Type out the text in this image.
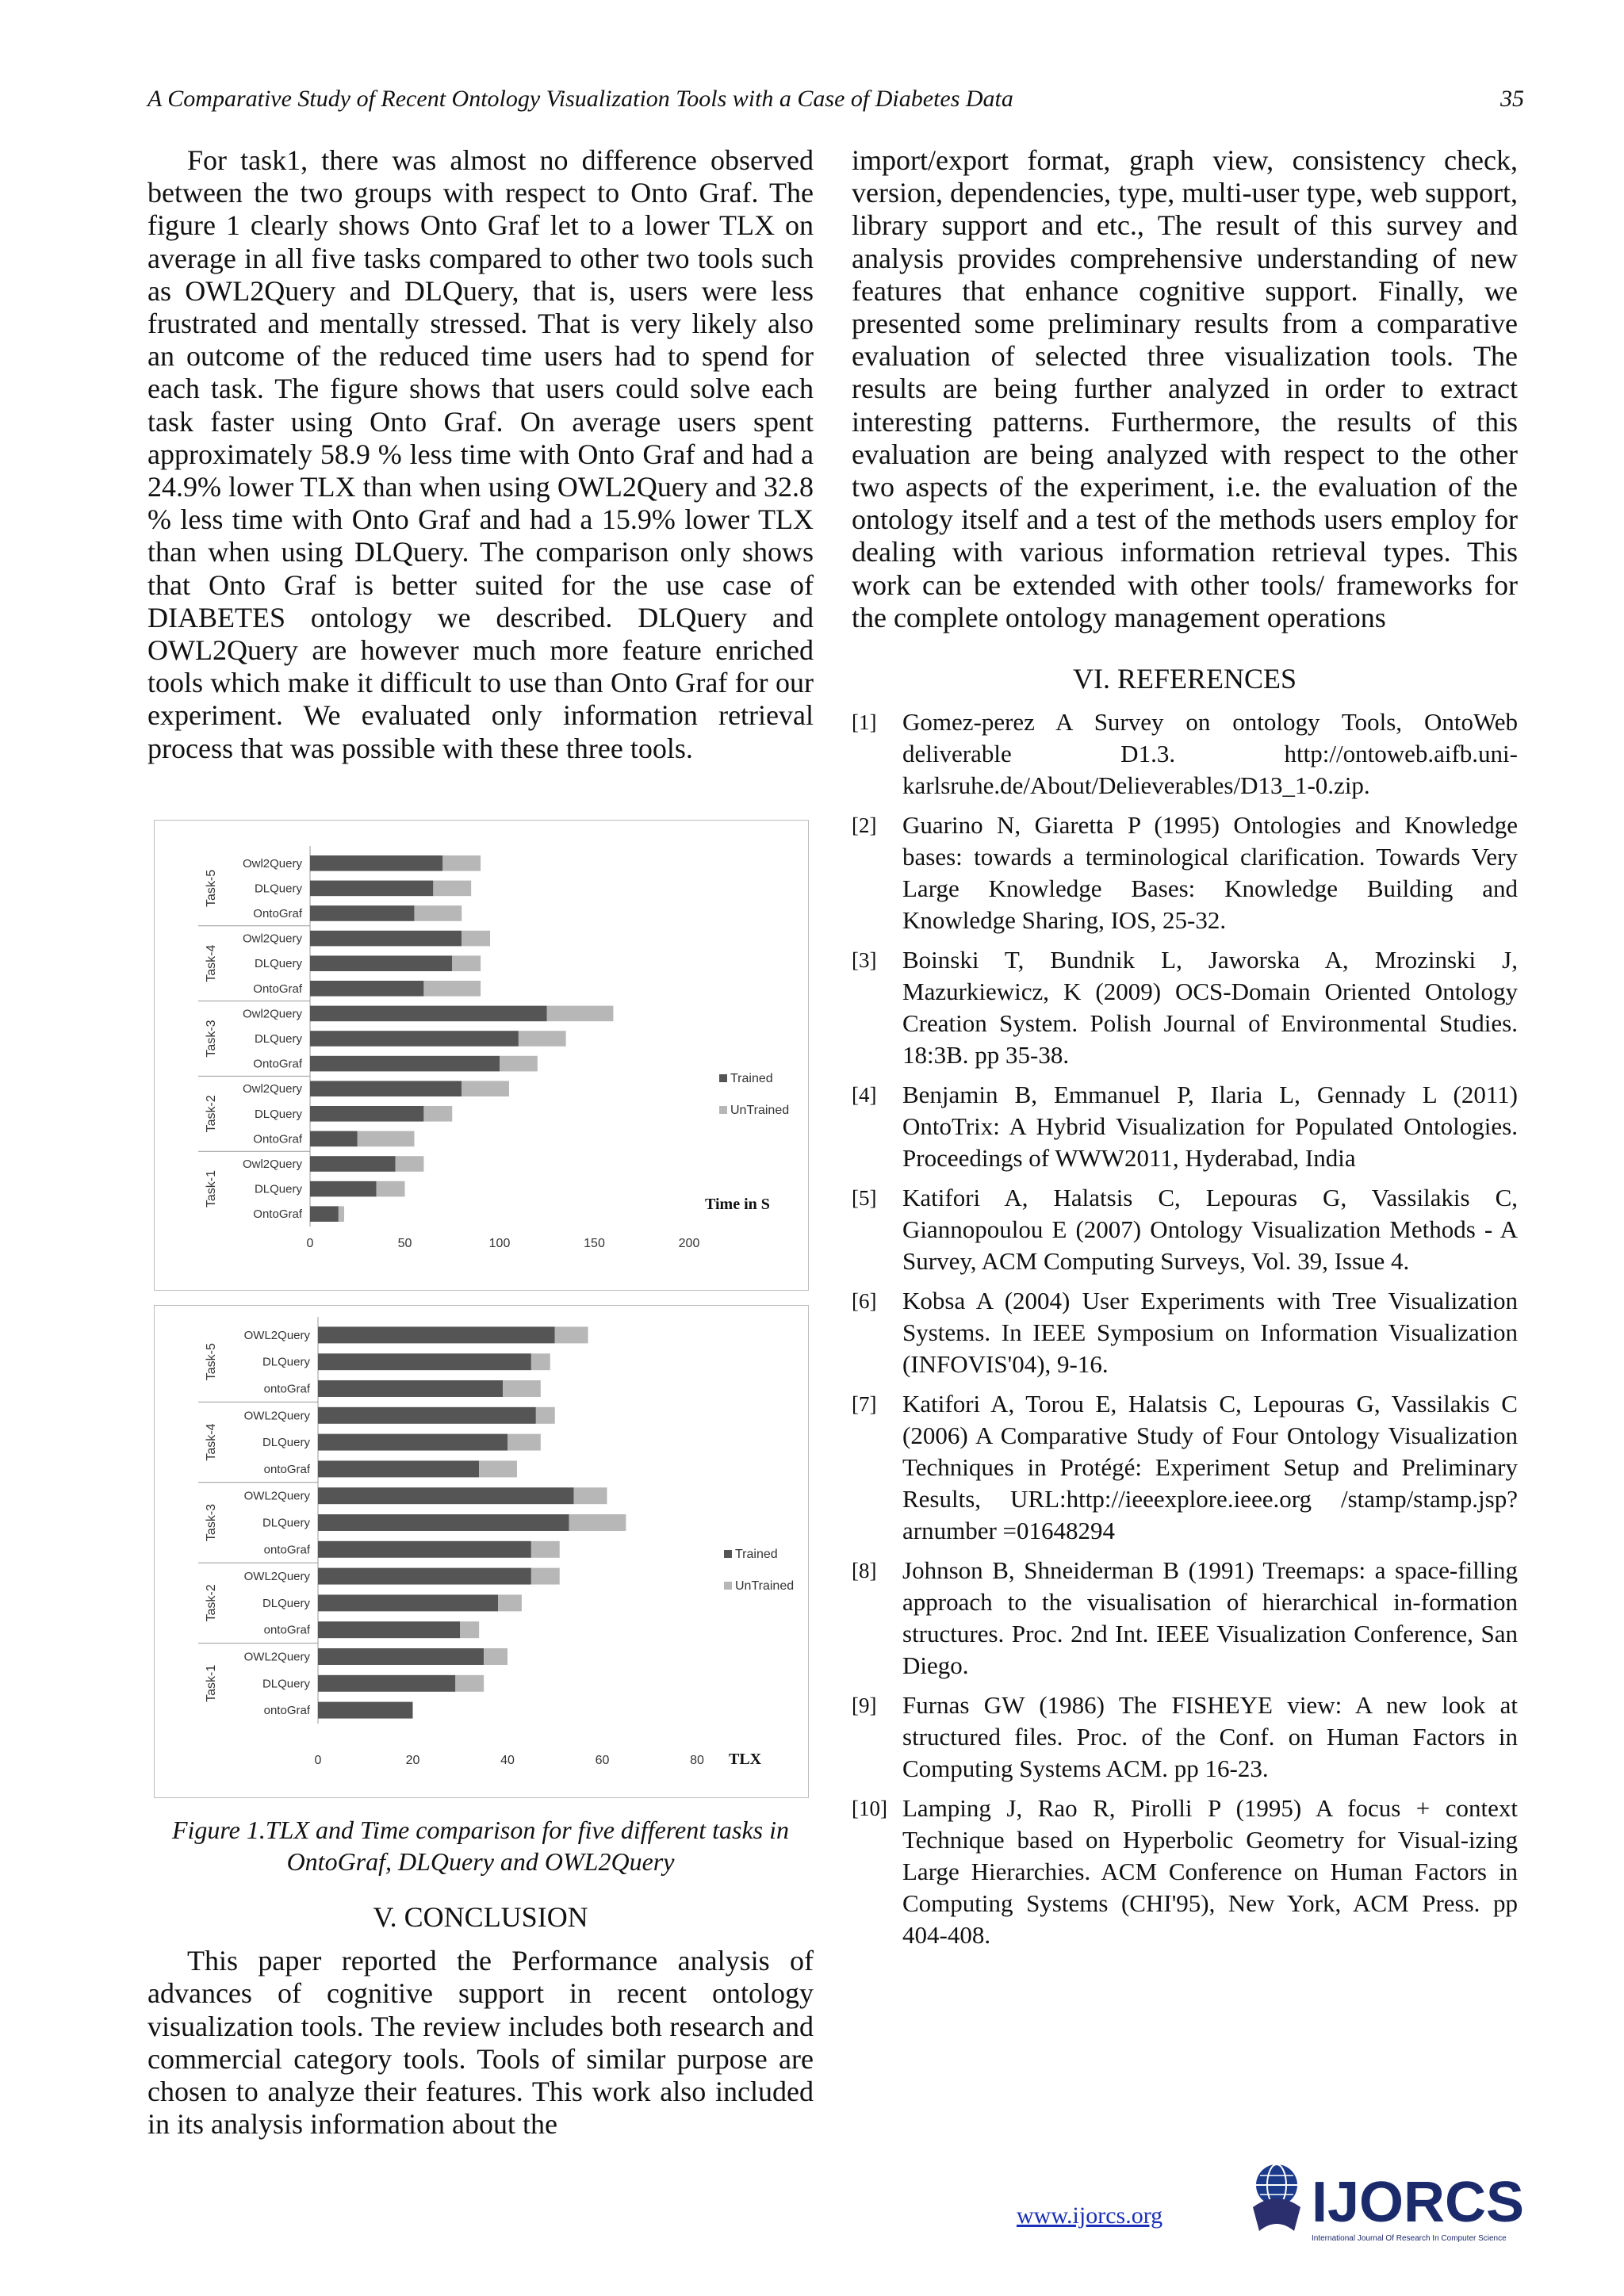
A Comparative Study of Recent Ontology Visualization Tools with a Case of Diabetes Data	35

For task1, there was almost no difference observed between the two groups with respect to Onto Graf. The figure 1 clearly shows Onto Graf let to a lower TLX on average in all five tasks compared to other two tools such as OWL2Query and DLQuery, that is, users were less frustrated and mentally stressed. That is very likely also an outcome of the reduced time users had to spend for each task. The figure shows that users could solve each task faster using Onto Graf. On average users spent approximately 58.9 % less time with Onto Graf and had a 24.9% lower TLX than when using OWL2Query and 32.8 % less time with Onto Graf and had a 15.9% lower TLX than when using DLQuery. The comparison only shows that Onto Graf is better suited for the use case of DIABETES ontology we described. DLQuery and OWL2Query are however much more feature enriched tools which make it difficult to use than Onto Graf for our experiment. We evaluated only information retrieval process that was possible with these three tools.

Task-5
Task-4
Task-3
Task-2
Task-1
Owl2Query
DLQuery
OntoGraf
Owl2Query
DLQuery
OntoGraf
Owl2Query
DLQuery
OntoGraf
Owl2Query
DLQuery
OntoGraf
Owl2Query
DLQuery
OntoGraf
0	50	100	150	200
Time in S
Trained
UnTrained
Task-5
Task-4
Task-3
Task-2
Task-1
OWL2Query
DLQuery
ontoGraf
OWL2Query
DLQuery
ontoGraf
OWL2Query
DLQuery
ontoGraf
OWL2Query
DLQuery
ontoGraf
OWL2Query
DLQuery
ontoGraf
0	20	40	60	80 TLX
Trained
UnTrained
Figure 1.TLX and Time comparison for five different tasks in OntoGraf, DLQuery and OWL2Query
V. CONCLUSION

This paper reported the Performance analysis of advances of cognitive support in recent ontology visualization tools. The review includes both research and commercial category tools. Tools of similar purpose are chosen to analyze their features. This work also included in its analysis information about the

import/export format, graph view, consistency check, version, dependencies, type, multi-user type, web support, library support and etc., The result of this survey and analysis provides comprehensive understanding of new features that enhance cognitive support. Finally, we presented some preliminary results from a comparative evaluation of selected three visualization tools. The results are being further analyzed in order to extract interesting patterns. Furthermore, the results of this evaluation are being analyzed with respect to the other two aspects of the experiment, i.e. the evaluation of the ontology itself and a test of the methods users employ for dealing with various information retrieval types. This work can be extended with other tools/ frameworks for the complete ontology management operations

VI. REFERENCES
[1] Gomez-perez A Survey on ontology Tools, OntoWeb deliverable D1.3. http://ontoweb.aifb.uni-karlsruhe.de/About/Delieverables/D13_1-0.zip.
[2] Guarino N, Giaretta P (1995) Ontologies and Knowledge bases: towards a terminological clarification. Towards Very Large Knowledge Bases: Knowledge Building and Knowledge Sharing, IOS, 25-32.
[3] Boinski T, Bundnik L, Jaworska A, Mrozinski J, Mazurkiewicz, K (2009) OCS-Domain Oriented Ontology Creation System. Polish Journal of Environmental Studies. 18:3B. pp 35-38.
[4] Benjamin B, Emmanuel P, Ilaria L, Gennady L (2011) OntoTrix: A Hybrid Visualization for Populated Ontologies. Proceedings of WWW2011, Hyderabad, India
[5] Katifori A, Halatsis C, Lepouras G, Vassilakis C, Giannopoulou E (2007) Ontology Visualization Methods - A Survey, ACM Computing Surveys, Vol. 39, Issue 4.
[6] Kobsa A (2004) User Experiments with Tree Visualization Systems. In IEEE Symposium on Information Visualization (INFOVIS'04), 9-16.
[7] Katifori A, Torou E, Halatsis C, Lepouras G, Vassilakis C (2006) A Comparative Study of Four Ontology Visualization Techniques in Protégé: Experiment Setup and Preliminary Results, URL:http://ieeexplore.ieee.org /stamp/stamp.jsp?arnumber =01648294
[8] Johnson B, Shneiderman B (1991) Treemaps: a space-filling approach to the visualisation of hierarchical in-formation structures. Proc. 2nd Int. IEEE Visualization Conference, San Diego.
[9] Furnas GW (1986) The FISHEYE view: A new look at structured files. Proc. of the Conf. on Human Factors in Computing Systems ACM. pp 16-23.
[10] Lamping J, Rao R, Pirolli P (1995) A focus + context Technique based on Hyperbolic Geometry for Visual-izing Large Hierarchies. ACM Conference on Human Factors in Computing Systems (CHI'95), New York, ACM Press. pp 404-408.
www.ijorcs.org	IJORCS
International Journal Of Research In Computer Science
